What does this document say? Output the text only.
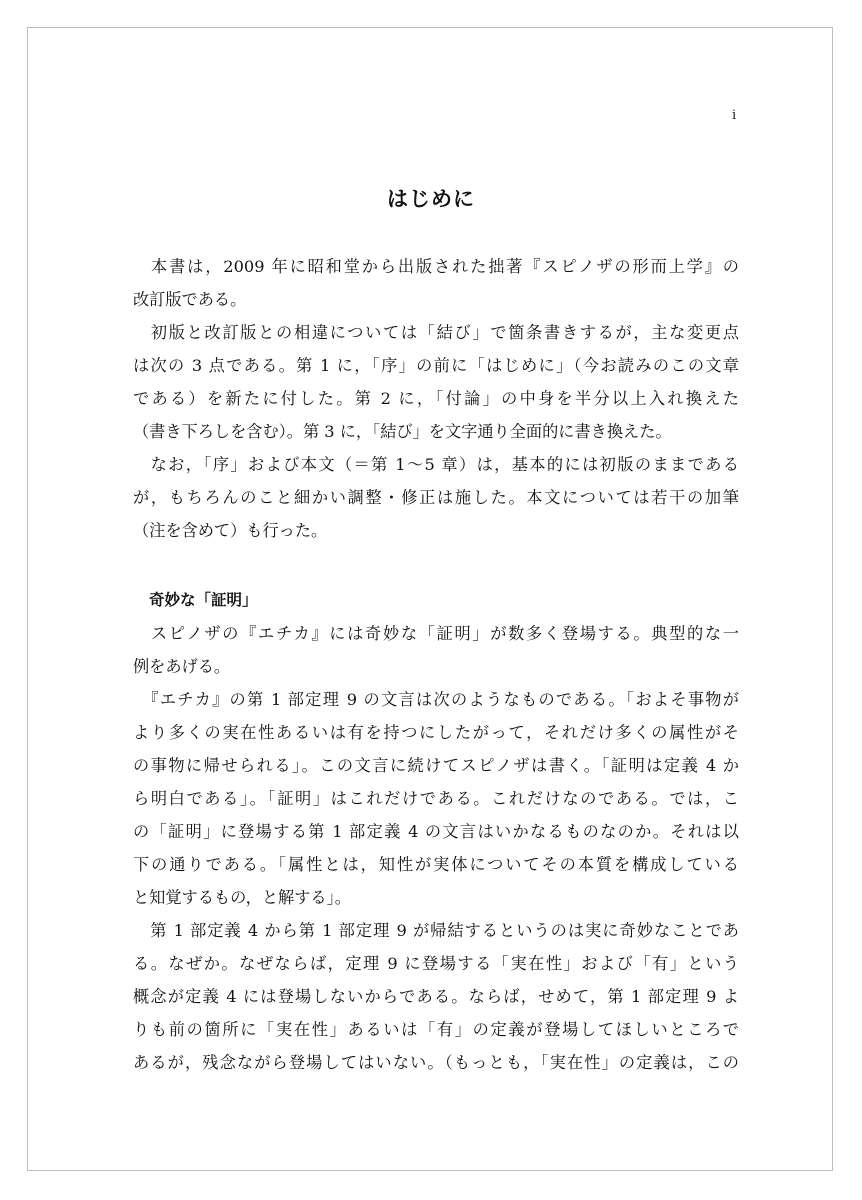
i
はじめに
　本書は，2009 年に昭和堂から出版された拙著『スピノザの形而上学』の
改訂版である。
　初版と改訂版との相違については「結び」で箇条書きするが，主な変更点
は次の 3 点である。第 1 に，「序」の前に「はじめに」（今お読みのこの文章
である）を新たに付した。第 2 に，「付論」の中身を半分以上入れ換えた
（書き下ろしを含む）。第 3 に，「結び」を文字通り全面的に書き換えた。
　なお，「序」および本文（＝第 1〜5 章）は，基本的には初版のままである
が，もちろんのこと細かい調整・修正は施した。本文については若干の加筆
（注を含めて）も行った。
奇妙な「証明」
　スピノザの『エチカ』には奇妙な「証明」が数多く登場する。典型的な一
例をあげる。
　『エチカ』の第 1 部定理 9 の文言は次のようなものである。「およそ事物が
より多くの実在性あるいは有を持つにしたがって，それだけ多くの属性がそ
の事物に帰せられる」。この文言に続けてスピノザは書く。「証明は定義 4 か
ら明白である」。「証明」はこれだけである。これだけなのである。では，こ
の「証明」に登場する第 1 部定義 4 の文言はいかなるものなのか。それは以
下の通りである。「属性とは，知性が実体についてその本質を構成している
と知覚するもの，と解する」。
　第 1 部定義 4 から第 1 部定理 9 が帰結するというのは実に奇妙なことであ
る。なぜか。なぜならば，定理 9 に登場する「実在性」および「有」という
概念が定義 4 には登場しないからである。ならば，せめて，第 1 部定理 9 よ
りも前の箇所に「実在性」あるいは「有」の定義が登場してほしいところで
あるが，残念ながら登場してはいない。（もっとも，「実在性」の定義は，この
